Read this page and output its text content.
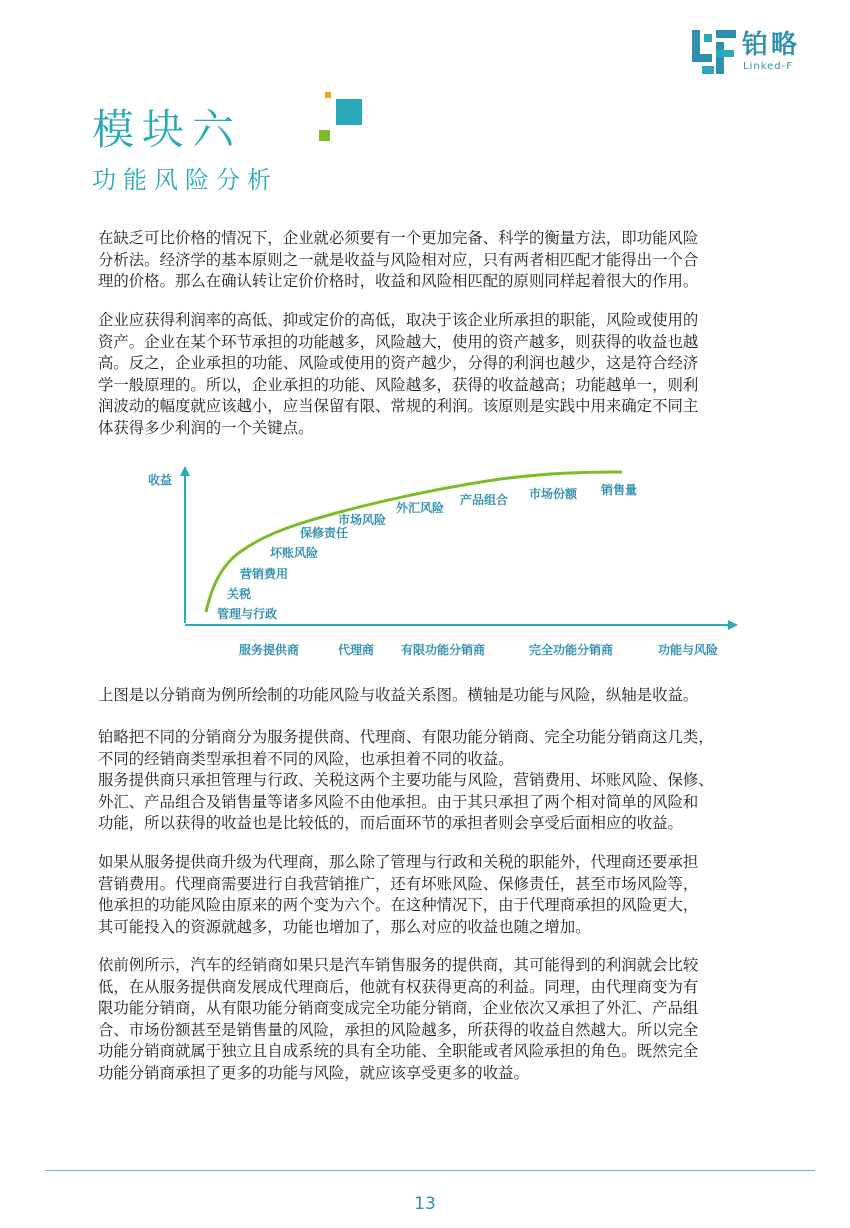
铂略
Linked-F
模块六
功能风险分析
在缺乏可比价格的情况下，企业就必须要有一个更加完备、科学的衡量方法，即功能风险
分析法。经济学的基本原则之一就是收益与风险相对应，只有两者相匹配才能得出一个合
理的价格。那么在确认转让定价价格时，收益和风险相匹配的原则同样起着很大的作用。
企业应获得利润率的高低、抑或定价的高低，取决于该企业所承担的职能，风险或使用的
资产。企业在某个环节承担的功能越多，风险越大，使用的资产越多，则获得的收益也越
高。反之，企业承担的功能、风险或使用的资产越少，分得的利润也越少，这是符合经济
学一般原理的。所以，企业承担的功能、风险越多，获得的收益越高；功能越单一，则利
润波动的幅度就应该越小，应当保留有限、常规的利润。该原则是实践中用来确定不同主
体获得多少利润的一个关键点。
收益
功能与风险
服务提供商	代理商 有限功能分销商	完全功能分销商
管理与行政
关税
营销费用
坏账风险
保修责任
市场风险
外汇风险
产品组合 市场份额 销售量
上图是以分销商为例所绘制的功能风险与收益关系图。横轴是功能与风险，纵轴是收益。
铂略把不同的分销商分为服务提供商、代理商、有限功能分销商、完全功能分销商这几类，
不同的经销商类型承担着不同的风险，也承担着不同的收益。
服务提供商只承担管理与行政、关税这两个主要功能与风险，营销费用、坏账风险、保修、
外汇、产品组合及销售量等诸多风险不由他承担。由于其只承担了两个相对简单的风险和
功能，所以获得的收益也是比较低的，而后面环节的承担者则会享受后面相应的收益。
如果从服务提供商升级为代理商，那么除了管理与行政和关税的职能外，代理商还要承担
营销费用。代理商需要进行自我营销推广，还有坏账风险、保修责任，甚至市场风险等，
他承担的功能风险由原来的两个变为六个。在这种情况下，由于代理商承担的风险更大，
其可能投入的资源就越多，功能也增加了，那么对应的收益也随之增加。
依前例所示，汽车的经销商如果只是汽车销售服务的提供商，其可能得到的利润就会比较
低，在从服务提供商发展成代理商后，他就有权获得更高的利益。同理，由代理商变为有
限功能分销商，从有限功能分销商变成完全功能分销商，企业依次又承担了外汇、产品组
合、市场份额甚至是销售量的风险，承担的风险越多，所获得的收益自然越大。所以完全
功能分销商就属于独立且自成系统的具有全功能、全职能或者风险承担的角色。既然完全
功能分销商承担了更多的功能与风险，就应该享受更多的收益。
13
